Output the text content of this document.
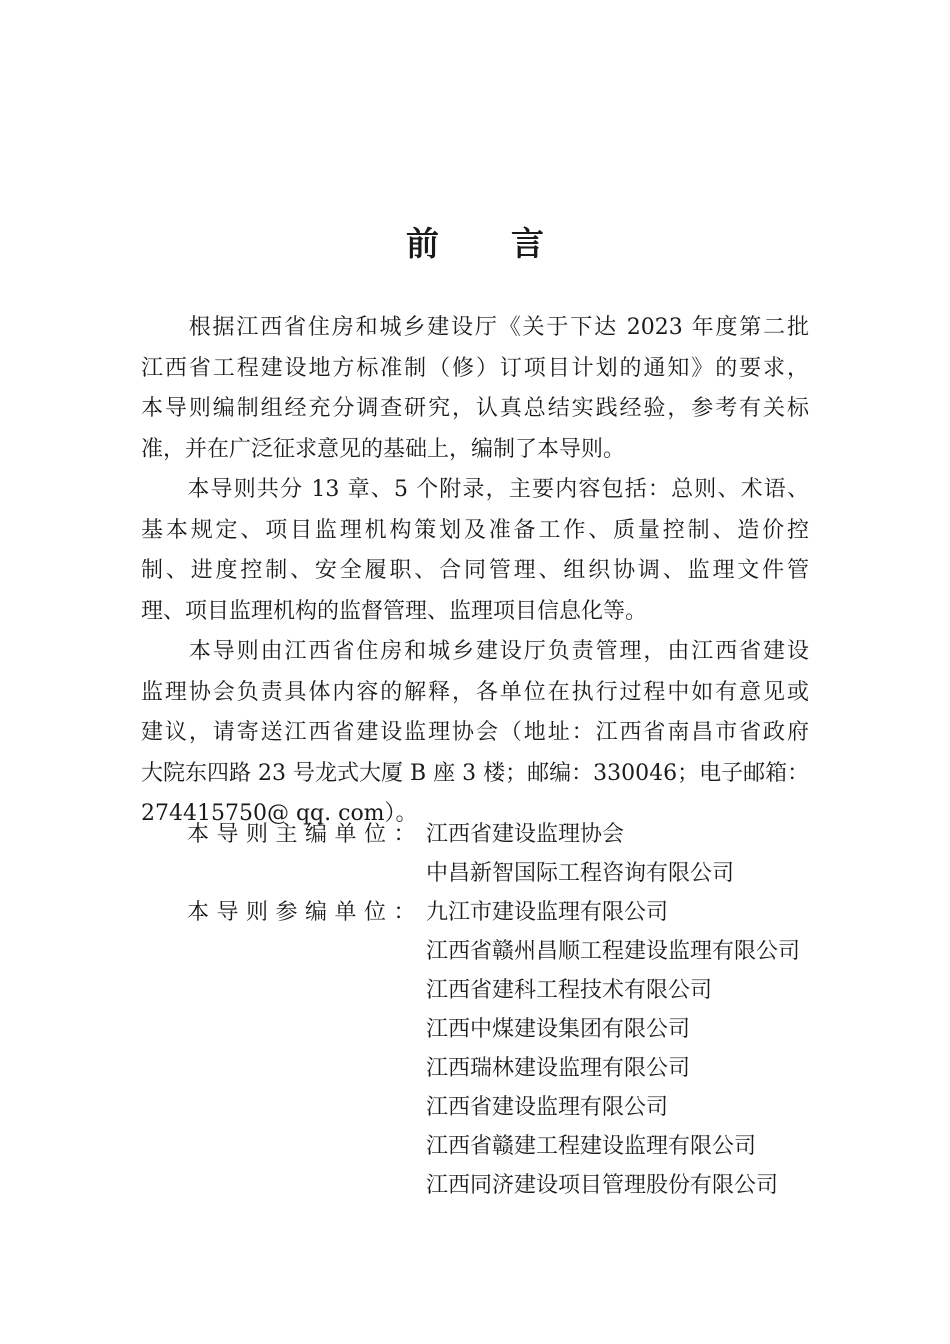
前 言
　　根据江西省住房和城乡建设厅《关于下达 2023 年度第二批
江西省工程建设地方标准制（修）订项目计划的通知》的要求，
本导则编制组经充分调查研究，认真总结实践经验，参考有关标
准，并在广泛征求意见的基础上，编制了本导则。
　　本导则共分 13 章、5 个附录，主要内容包括：总则、术语、
基本规定、项目监理机构策划及准备工作、质量控制、造价控
制、进度控制、安全履职、合同管理、组织协调、监理文件管
理、项目监理机构的监督管理、监理项目信息化等。
　　本导则由江西省住房和城乡建设厅负责管理，由江西省建设
监理协会负责具体内容的解释，各单位在执行过程中如有意见或
建议，请寄送江西省建设监理协会（地址：江西省南昌市省政府
大院东四路 23 号龙式大厦 B 座 3 楼；邮编：330046；电子邮箱：
274415750@ qq. com）。
本导则主编单位： 江西省建设监理协会
中昌新智国际工程咨询有限公司
本导则参编单位： 九江市建设监理有限公司
江西省赣州昌顺工程建设监理有限公司
江西省建科工程技术有限公司
江西中煤建设集团有限公司
江西瑞林建设监理有限公司
江西省建设监理有限公司
江西省赣建工程建设监理有限公司
江西同济建设项目管理股份有限公司
